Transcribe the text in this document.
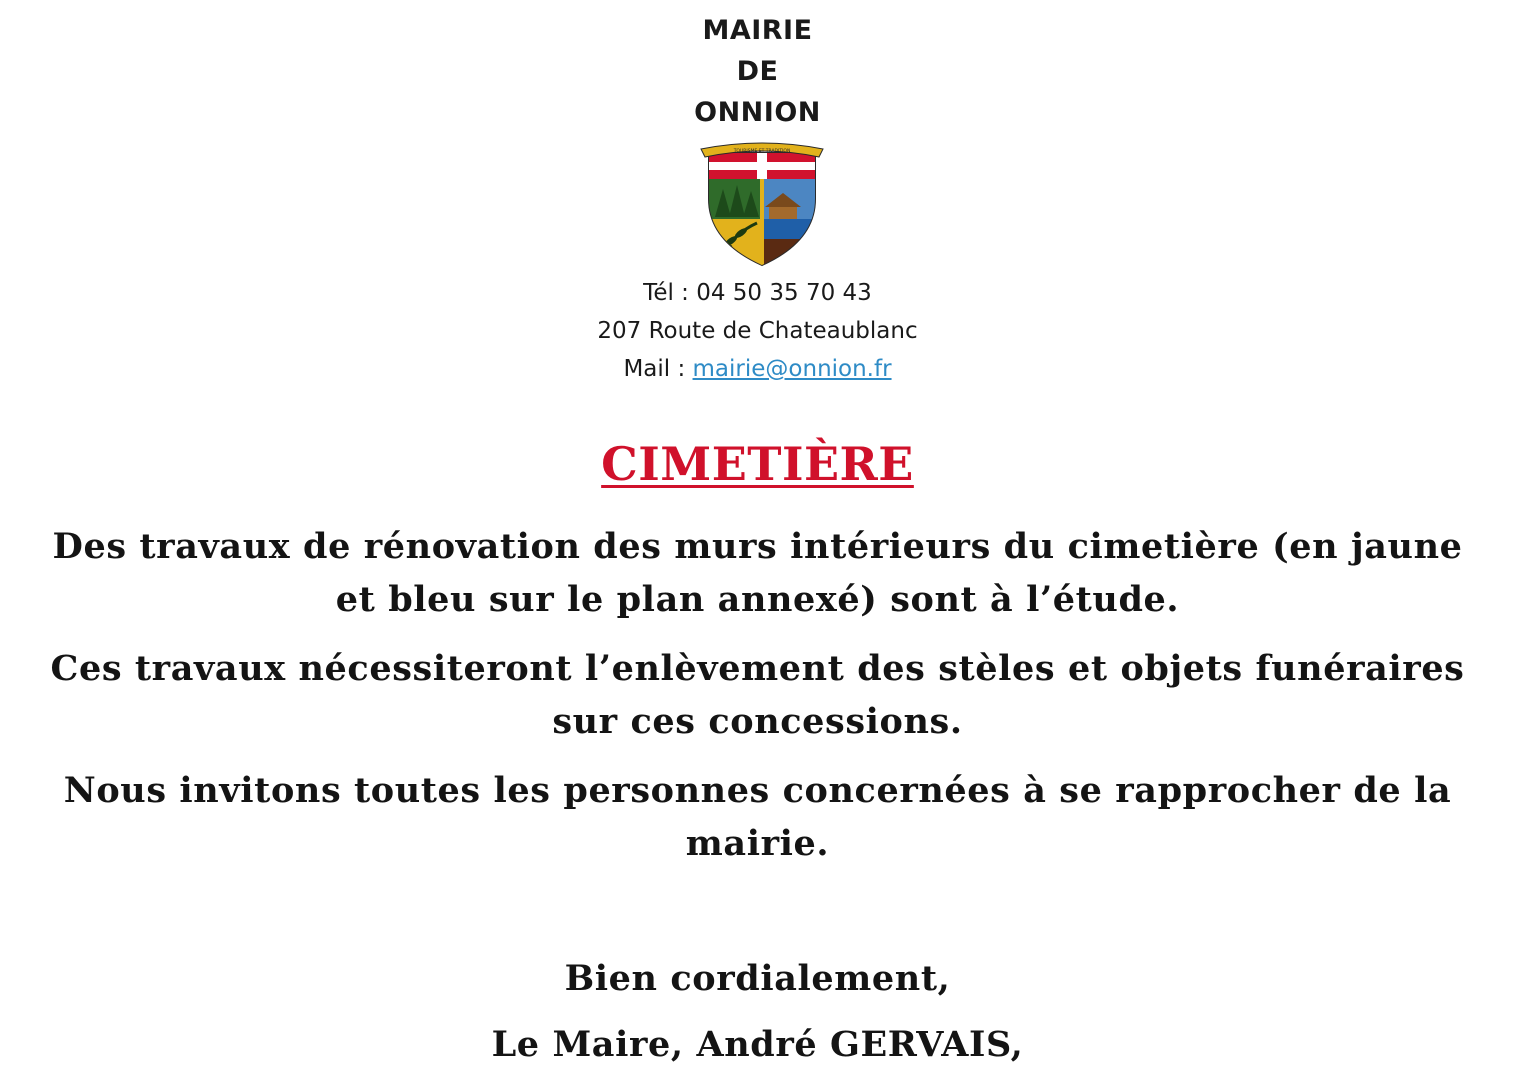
MAIRIE
DE
ONNION
TOURISME ET TRADITION
Tél : 04 50 35 70 43
207 Route de Chateaublanc
Mail : mairie@onnion.fr
CIMETIÈRE
Des travaux de rénovation des murs intérieurs du cimetière (en jaune et bleu sur le plan annexé) sont à l’étude.
Ces travaux nécessiteront l’enlèvement des stèles et objets funéraires sur ces concessions.
Nous invitons toutes les personnes concernées à se rapprocher de la mairie.
Bien cordialement,
Le Maire, André GERVAIS,
